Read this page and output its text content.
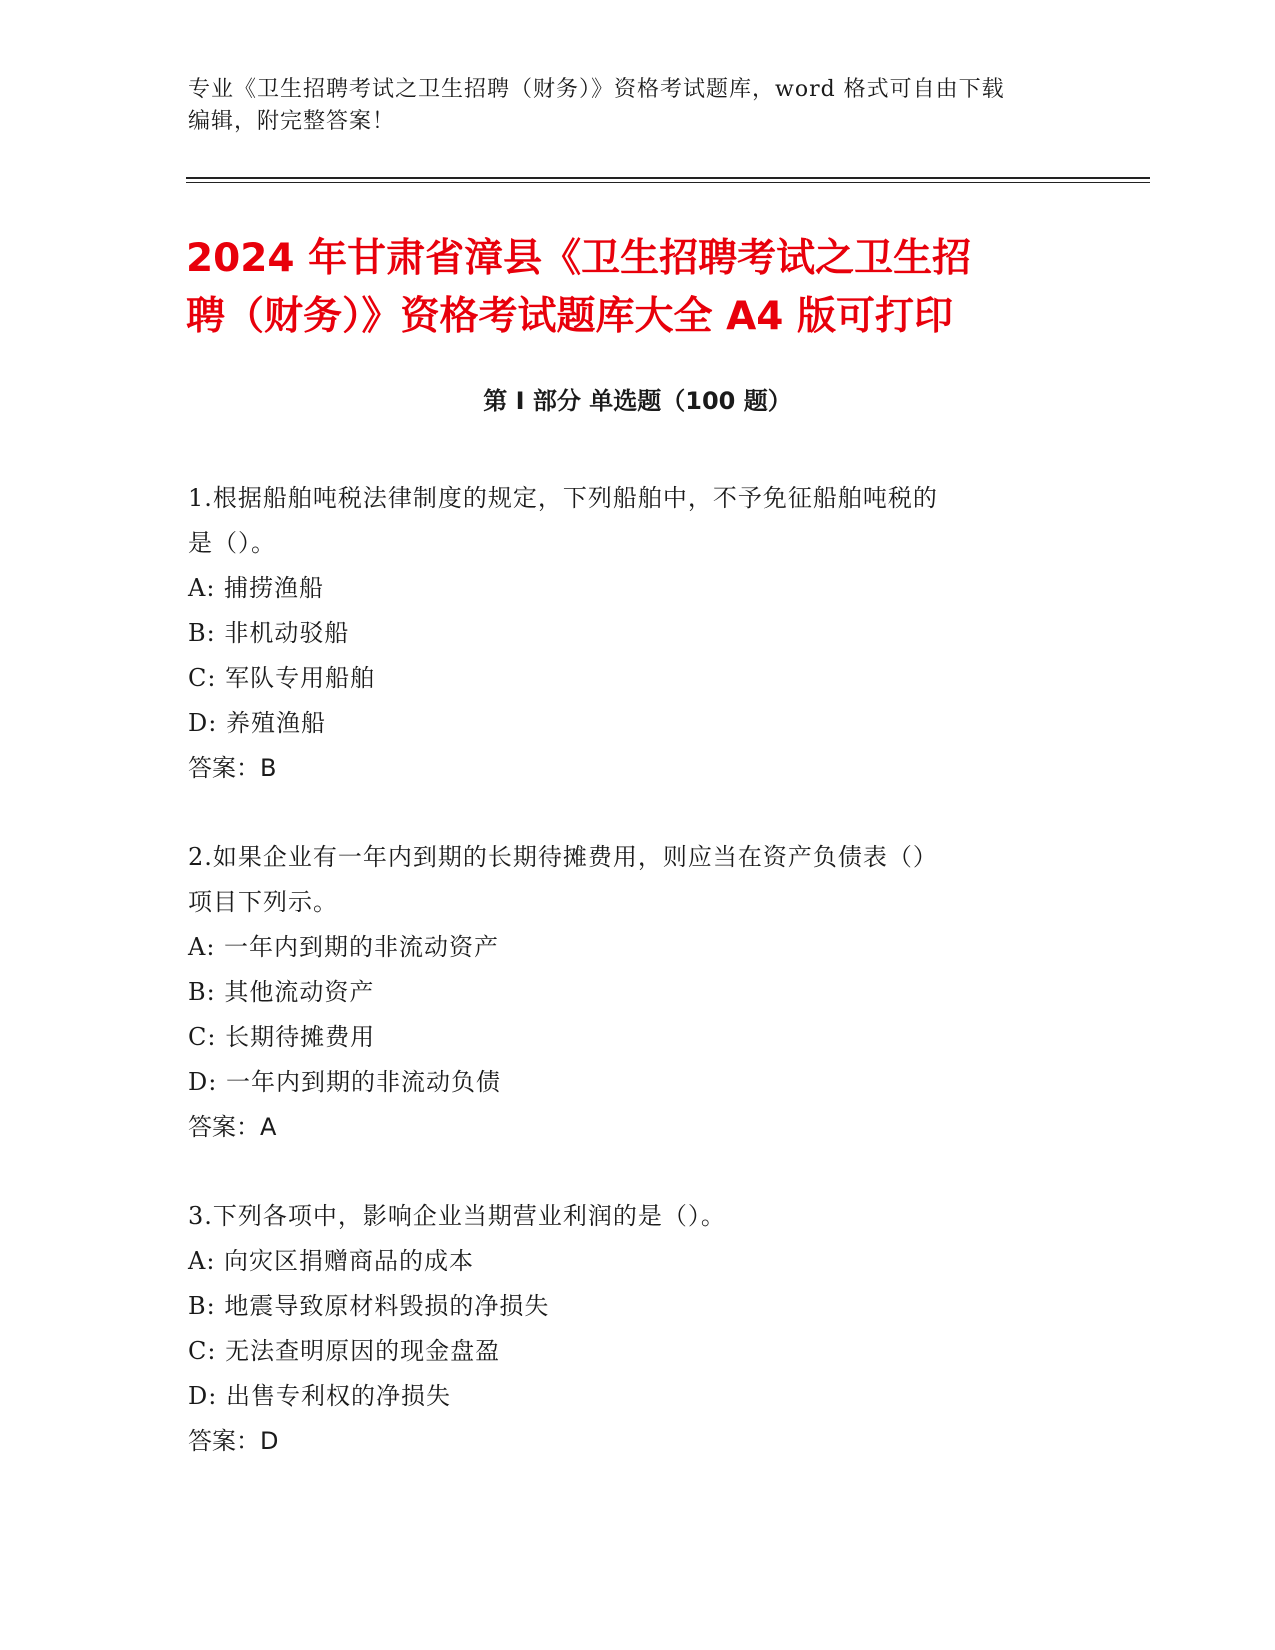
专业《卫生招聘考试之卫生招聘（财务）》资格考试题库，word 格式可自由下载
编辑，附完整答案！
2024 年甘肃省漳县《卫生招聘考试之卫生招
聘（财务）》资格考试题库大全 A4 版可打印
第 I 部分 单选题（100 题）
1.根据船舶吨税法律制度的规定，下列船舶中，不予免征船舶吨税的
是（）。
A: 捕捞渔船
B: 非机动驳船
C: 军队专用船舶
D: 养殖渔船
答案：B
2.如果企业有一年内到期的长期待摊费用，则应当在资产负债表（）
项目下列示。
A: 一年内到期的非流动资产
B: 其他流动资产
C: 长期待摊费用
D: 一年内到期的非流动负债
答案：A
3.下列各项中，影响企业当期营业利润的是（）。
A: 向灾区捐赠商品的成本
B: 地震导致原材料毁损的净损失
C: 无法查明原因的现金盘盈
D: 出售专利权的净损失
答案：D
